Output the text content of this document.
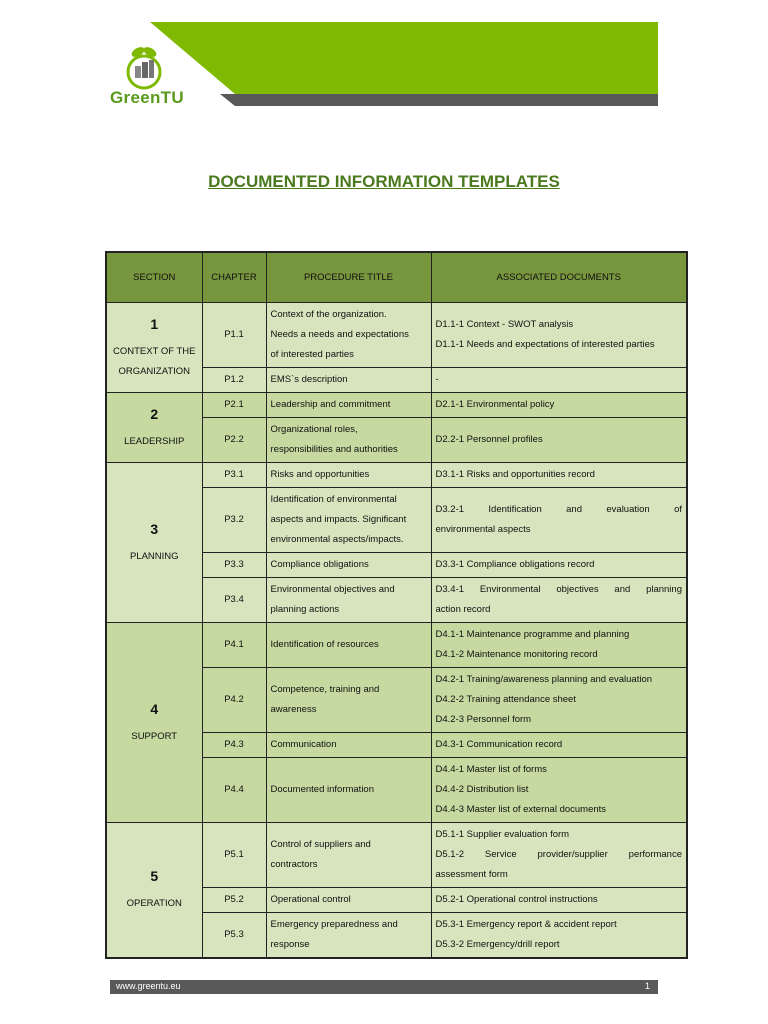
GreenTU
DOCUMENTED INFORMATION TEMPLATES
SECTION	CHAPTER	PROCEDURE TITLE	ASSOCIATED DOCUMENTS

1
CONTEXT OF THE
ORGANIZATION	P1.1	Context of the organization.
Needs a needs and expectations
of interested parties	D1.1-1 Context - SWOT analysis
D1.1-1 Needs and expectations of interested parties

	P1.2	EMS`s description	-

2
LEADERSHIP	P2.1	Leadership and commitment	D2.1-1 Environmental policy

	P2.2	Organizational roles,
responsibilities and authorities	D2.2-1 Personnel profiles

3
PLANNING	P3.1	Risks and opportunities	D3.1-1 Risks and opportunities record

	P3.2	Identification of environmental
aspects and impacts. Significant
environmental aspects/impacts.	D3.2-1 Identification and evaluation of
environmental aspects

	P3.3	Compliance obligations	D3.3-1 Compliance obligations record

	P3.4	Environmental objectives and
planning actions	D3.4-1 Environmental objectives and planning
action record

4
SUPPORT	P4.1	Identification of resources	D4.1-1 Maintenance programme and planning
D4.1-2 Maintenance monitoring record

	P4.2	Competence, training and
awareness	D4.2-1 Training/awareness planning and evaluation
D4.2-2 Training attendance sheet
D4.2-3 Personnel form

	P4.3	Communication	D4.3-1 Communication record

	P4.4	Documented information	D4.4-1 Master list of forms
D4.4-2 Distribution list
D4.4-3 Master list of external documents

5
OPERATION	P5.1	Control of suppliers and
contractors	D5.1-1 Supplier evaluation form
D5.1-2 Service provider/supplier performance
assessment form

	P5.2	Operational control	D5.2-1 Operational control instructions

	P5.3	Emergency preparedness and
response	D5.3-1 Emergency report & accident report
D5.3-2 Emergency/drill report
www.greentu.eu	1
